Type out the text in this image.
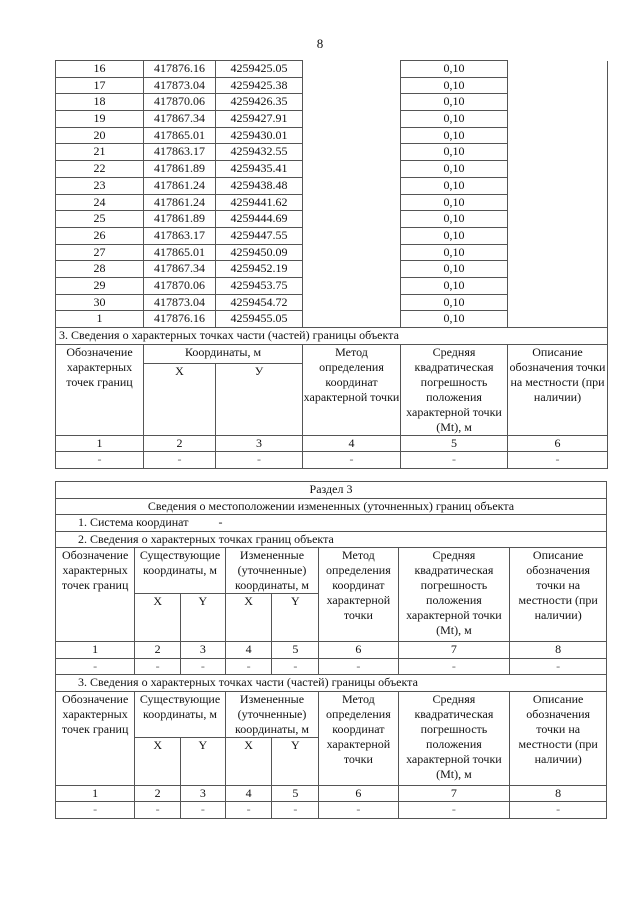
8
16	417876.16	4259425.05		0,10	
17	417873.04	4259425.38		0,10	
18	417870.06	4259426.35		0,10	
19	417867.34	4259427.91		0,10	
20	417865.01	4259430.01		0,10	
21	417863.17	4259432.55		0,10	
22	417861.89	4259435.41		0,10	
23	417861.24	4259438.48		0,10	
24	417861.24	4259441.62		0,10	
25	417861.89	4259444.69		0,10	
26	417863.17	4259447.55		0,10	
27	417865.01	4259450.09		0,10	
28	417867.34	4259452.19		0,10	
29	417870.06	4259453.75		0,10	
30	417873.04	4259454.72		0,10	
1	417876.16	4259455.05		0,10	
3. Сведения о характерных точках части (частей) границы объекта					
Обозначение характерных точек границ	Координаты, м		Метод определения координат характерной точки	Средняя квадратическая погрешность положения характерной точки (Mt), м	Описание обозначения точки на местности (при наличии)
	Х	У			
1	2	3	4	5	6
-	-	-	-	-	-
Раздел 3							
Сведения о местоположении измененных (уточненных) границ объекта							
1. Система координат -							
2. Сведения о характерных точках границ объекта							
Обозначение характерных точек границ	Существующие координаты, м		Измененные (уточненные) координаты, м		Метод определения координат характерной точки	Средняя квадратическая погрешность положения характерной точки (Mt), м	Описание обозначения точки на местности (при наличии)
	X	Y	X	Y			
1	2	3	4	5	6	7	8
-	-	-	-	-	-	-	-
3. Сведения о характерных точках части (частей) границы объекта							
Обозначение характерных точек границ	Существующие координаты, м		Измененные (уточненные) координаты, м		Метод определения координат характерной точки	Средняя квадратическая погрешность положения характерной точки (Mt), м	Описание обозначения точки на местности (при наличии)
	X	Y	X	Y			
1	2	3	4	5	6	7	8
-	-	-	-	-	-	-	-
